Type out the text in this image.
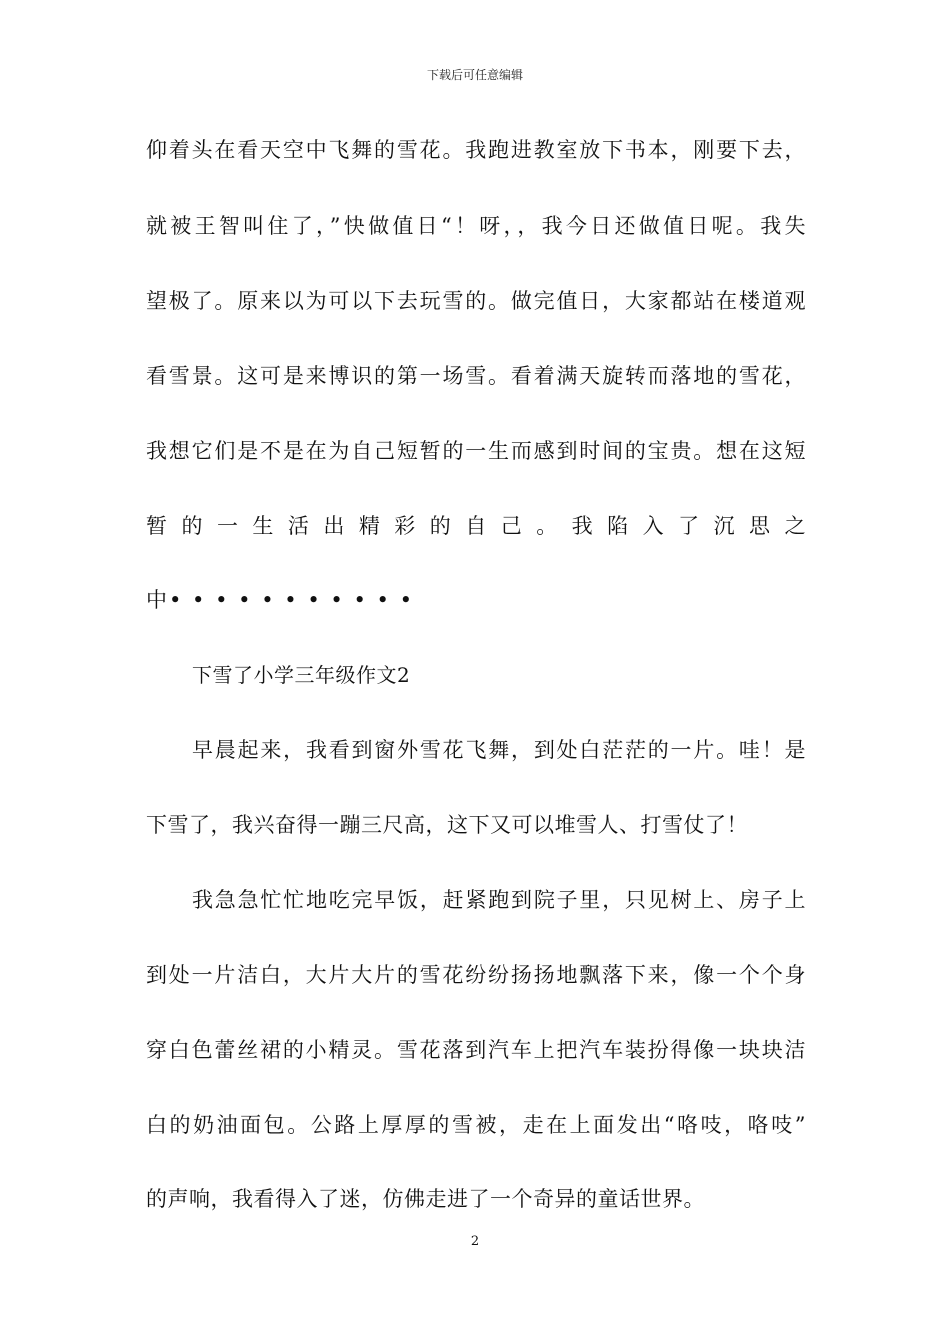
下载后可任意编辑
仰着头在看天空中飞舞的雪花。我跑进教室放下书本，刚要下去，
就被王智叫住了，”快做值日“！呀，，我今日还做值日呢。我失
望极了。原来以为可以下去玩雪的。做完值日，大家都站在楼道观
看雪景。这可是来博识的第一场雪。看着满天旋转而落地的雪花，
我想它们是不是在为自己短暂的一生而感到时间的宝贵。想在这短
暂 的 一 生 活 出 精 彩 的 自 己 。 我 陷 入 了 沉 思 之
中• • • • • • • • • • •
下雪了小学三年级作文2
早晨起来，我看到窗外雪花飞舞，到处白茫茫的一片。哇！是
下雪了，我兴奋得一蹦三尺高，这下又可以堆雪人、打雪仗了！
我急急忙忙地吃完早饭，赶紧跑到院子里，只见树上、房子上
到处一片洁白，大片大片的雪花纷纷扬扬地飘落下来，像一个个身
穿白色蕾丝裙的小精灵。雪花落到汽车上把汽车装扮得像一块块洁
白的奶油面包。公路上厚厚的雪被，走在上面发出“咯吱，咯吱”
的声响，我看得入了迷，仿佛走进了一个奇异的童话世界。
2
